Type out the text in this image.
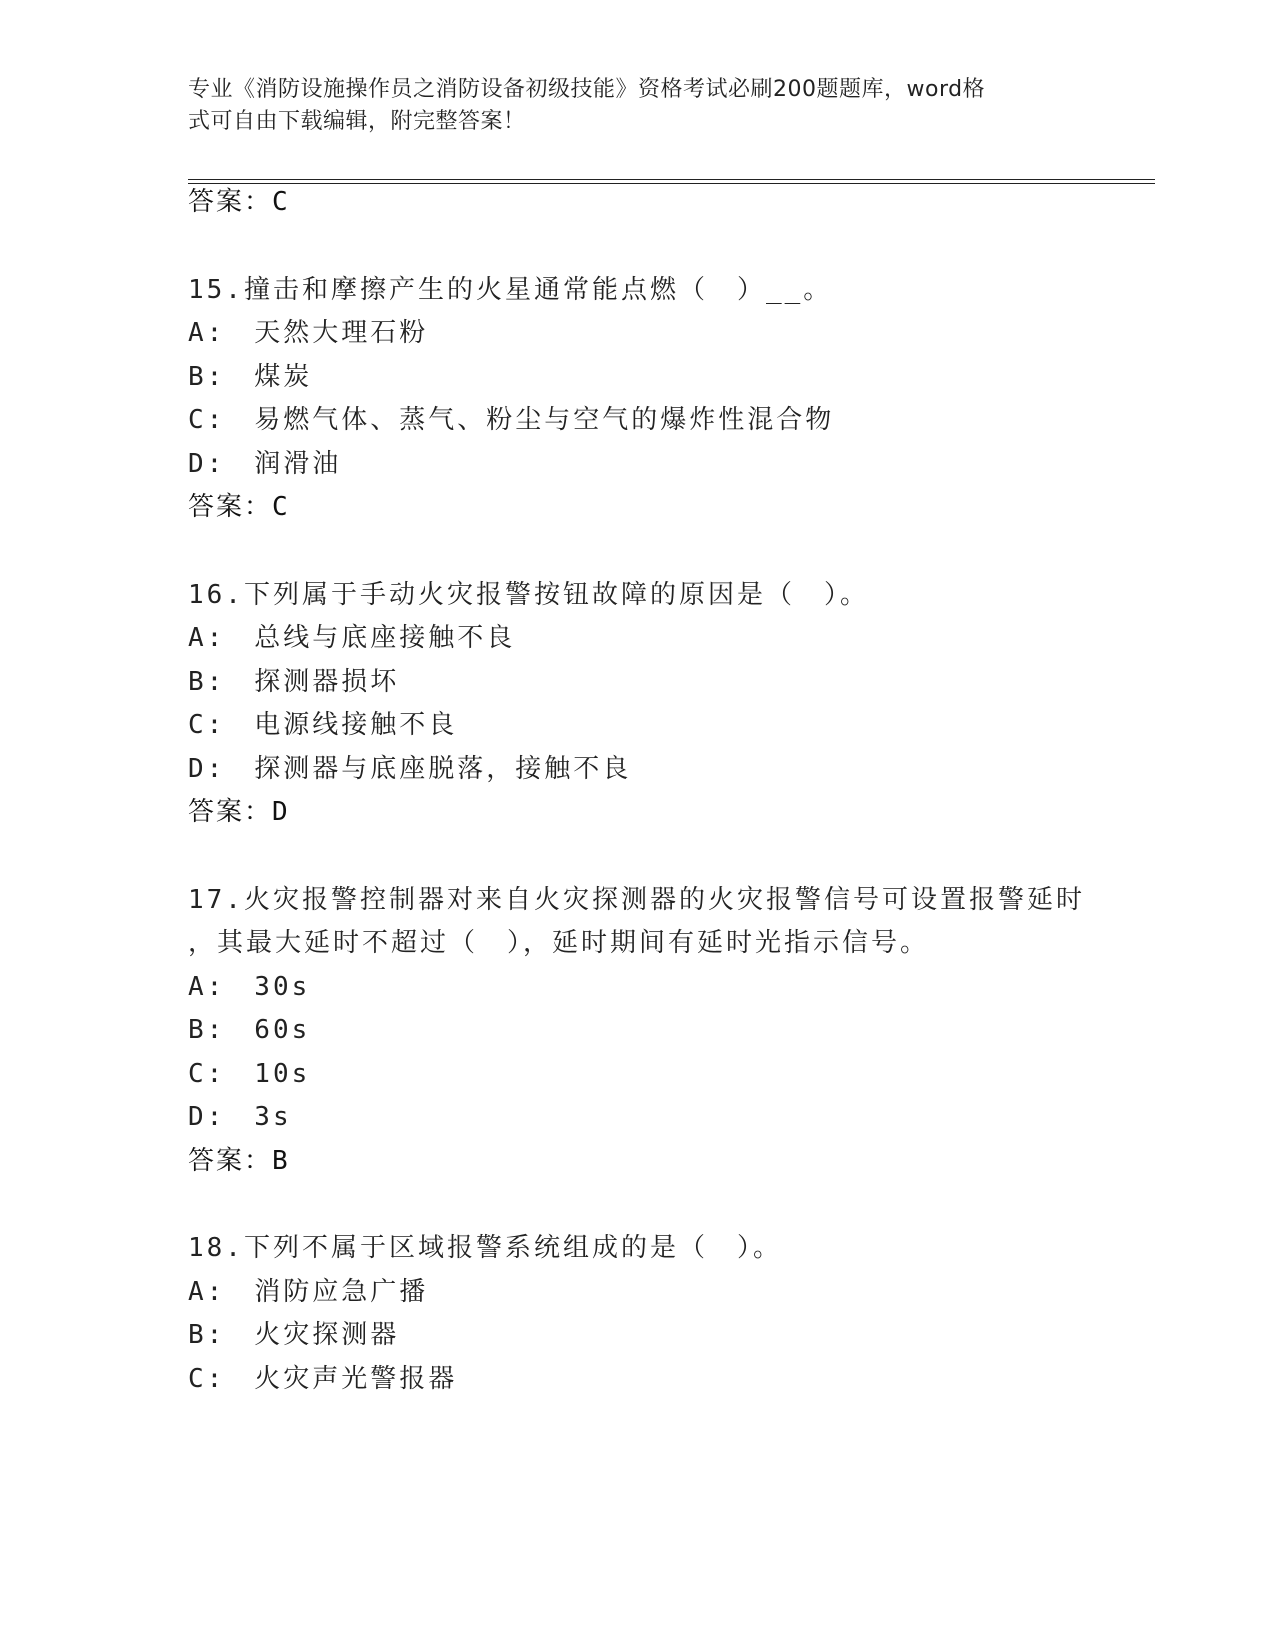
专业《消防设施操作员之消防设备初级技能》资格考试必刷200题题库，word格
式可自由下载编辑，附完整答案！
答案：C
15.撞击和摩擦产生的火星通常能点燃（　）__。
A:　天然大理石粉
B:　煤炭
C:　易燃气体、蒸气、粉尘与空气的爆炸性混合物
D:　润滑油
答案：C
16.下列属于手动火灾报警按钮故障的原因是（　）。
A:　总线与底座接触不良
B:　探测器损坏
C:　电源线接触不良
D:　探测器与底座脱落，接触不良
答案：D
17.火灾报警控制器对来自火灾探测器的火灾报警信号可设置报警延时
，其最大延时不超过（　），延时期间有延时光指示信号。
A:　30s
B:　60s
C:　10s
D:　3s
答案：B
18.下列不属于区域报警系统组成的是（　）。
A:　消防应急广播
B:　火灾探测器
C:　火灾声光警报器
